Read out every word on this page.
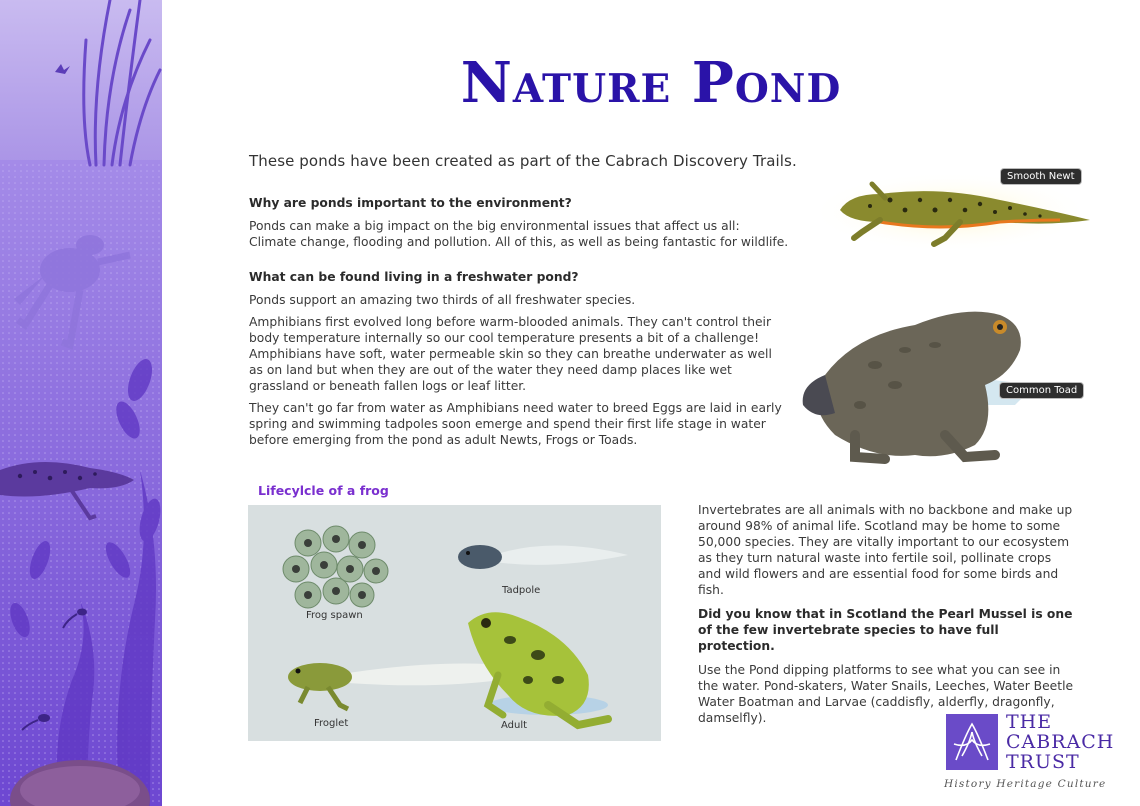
Nature Pond
These ponds have been created as part of the Cabrach Discovery Trails.
Why are ponds important to the environment?

Ponds can make a big impact on the big environmental issues that affect us all: Climate change, flooding and pollution. All of this, as well as being fantastic for wildlife.

What can be found living in a freshwater pond?

Ponds support an amazing two thirds of all freshwater species.

Amphibians first evolved long before warm-blooded animals. They can't control their body temperature internally so our cool temperature presents a bit of a challenge! Amphibians have soft, water permeable skin so they can breathe underwater as well as on land but when they are out of the water they need damp places like wet grassland or beneath fallen logs or leaf litter.

They can't go far from water as Amphibians need water to breed Eggs are laid in early spring and swimming tadpoles soon emerge and spend their first life stage in water before emerging from the pond as adult Newts, Frogs or Toads.

Smooth Newt
Common Toad
Lifecylcle of a frog
Frog spawn
Tadpole
Froglet	Adult

Invertebrates are all animals with no backbone and make up around 98% of animal life. Scotland may be home to some 50,000 species. They are vitally important to our ecosystem as they turn natural waste into fertile soil, pollinate crops and wild flowers and are essential food for some birds and fish.

Did you know that in Scotland the Pearl Mussel is one of the few invertebrate species to have full protection.

Use the Pond dipping platforms to see what you can see in the water. Pond-skaters, Water Snails, Leeches, Water Beetle Water Boatman and Larvae (caddisfly, alderfly, dragonfly, damselfly).	THE
CABRACH
TRUST
History Heritage Culture
